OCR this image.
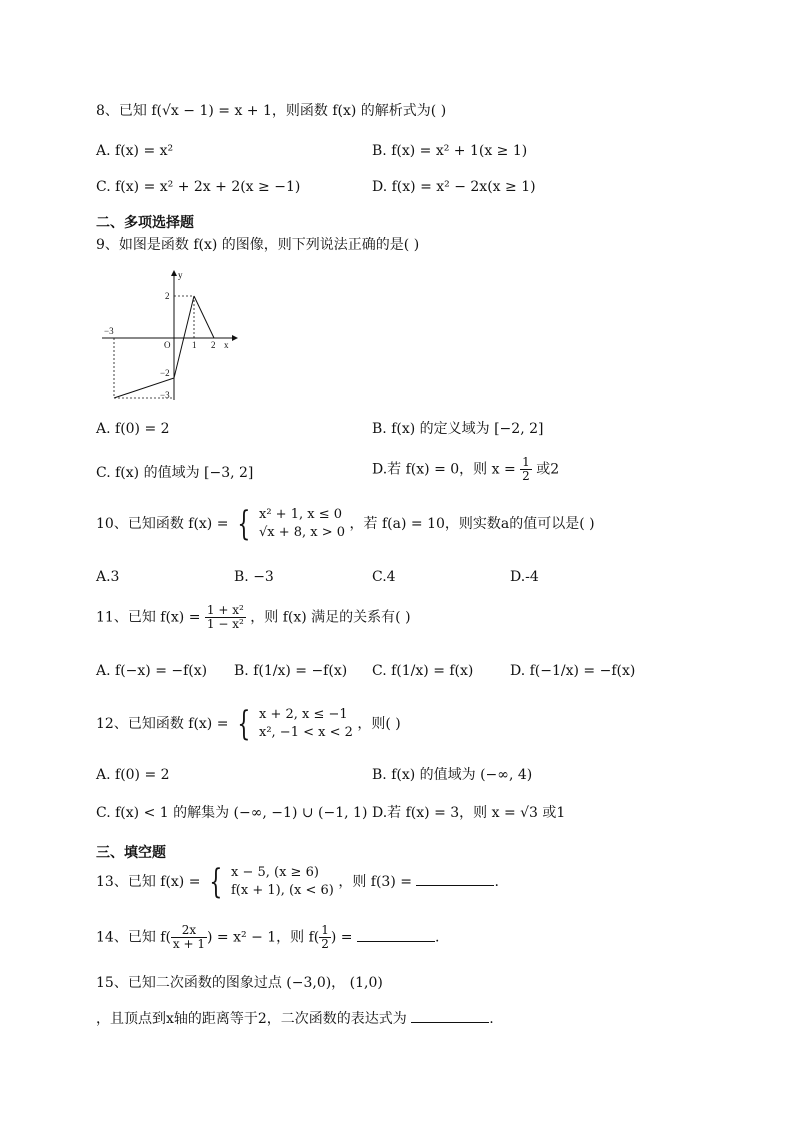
8、已知 f(√x − 1) = x + 1，则函数 f(x) 的解析式为( )
A. f(x) = x²	B. f(x) = x² + 1(x ≥ 1)
C. f(x) = x² + 2x + 2(x ≥ −1)	D. f(x) = x² − 2x(x ≥ 1)
二、多项选择题
9、如图是函数 f(x) 的图像，则下列说法正确的是( )
y
x
O
−3
2
−2
−3
1 2
A. f(0) = 2	B. f(x) 的定义域为 [−2, 2]
C. f(x) 的值域为 [−3, 2]	D.若 f(x) = 0，则 $x = \frac{1}{2}$ 或2
10、已知函数 f(x) = { x² + 1, x ≤ 0
√x + 8, x > 0
，若 f(a) = 10，则实数a的值可以是( )
A.3	B. −3	C.4	D.-4
11、已知 $f(x) = \frac{\text{1 + x²}}{\text{1 − x²}}$ ，则 f(x) 满足的关系有( )
A. f(−x) = −f(x) B. f(1/x) = −f(x) C. f(1/x) = f(x)	D. f(−1/x) = −f(x)
12、已知函数 f(x) = { x + 2, x ≤ −1
x², −1 < x < 2
，则( )
A. f(0) = 2	B. f(x) 的值域为 (−∞, 4)
C. f(x) < 1 的解集为 (−∞, −1) ∪ (−1, 1) D.若 f(x) = 3，则 x = √3 或1
三、填空题
13、已知 f(x) = { x − 5, (x ≥ 6)
f(x + 1), (x < 6)
，则 f(3) =	.
14、已知 $f( \frac{2x}{x + 1}$ ) = x² − 1，则 $f( \frac{1}{2}$ ) =	.
15、已知二次函数的图象过点 (−3,0)， (1,0)
，且顶点到x轴的距离等于2，二次函数的表达式为	.
